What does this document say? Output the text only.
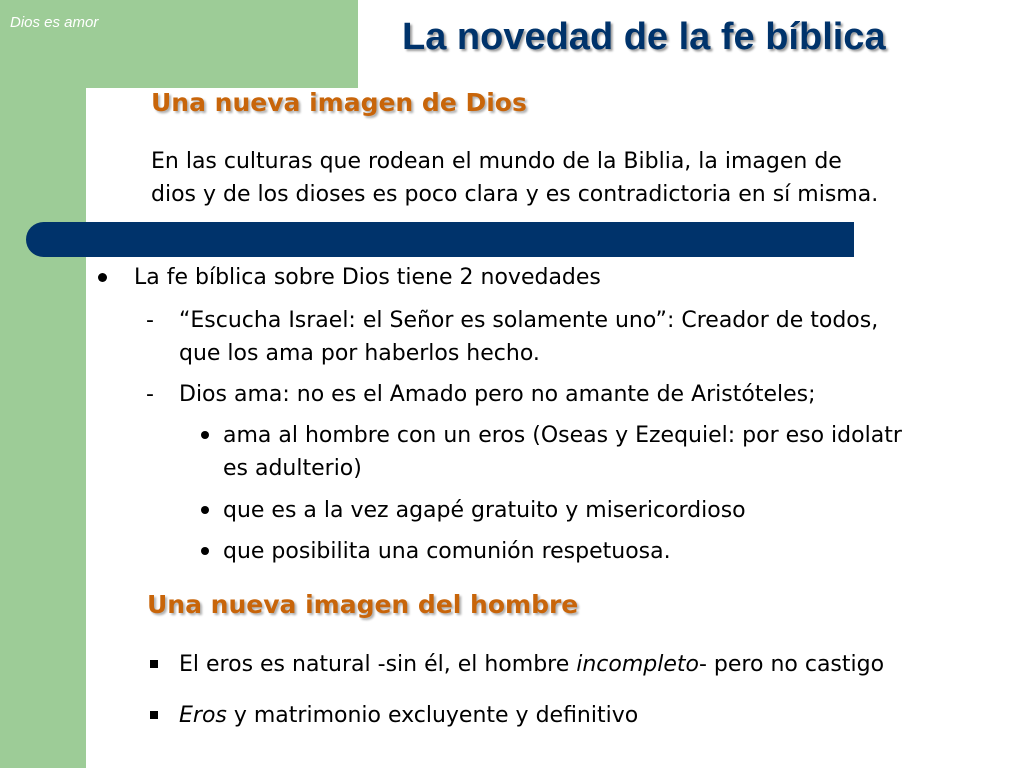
Dios es amor	La novedad de la fe bíblica
Una nueva imagen de Dios
En las culturas que rodean el mundo de la Biblia, la imagen de
dios y de los dioses es poco clara y es contradictoria en sí misma.
La fe bíblica sobre Dios tiene 2 novedades
- “Escucha Israel: el Señor es solamente uno”: Creador de todos,
que los ama por haberlos hecho.
- Dios ama: no es el Amado pero no amante de Aristóteles;
ama al hombre con un eros (Oseas y Ezequiel: por eso idolatr
es adulterio)
que es a la vez agapé gratuito y misericordioso
que posibilita una comunión respetuosa.
Una nueva imagen del hombre
El eros es natural -sin él, el hombre incompleto- pero no castigo
Eros y matrimonio excluyente y definitivo
